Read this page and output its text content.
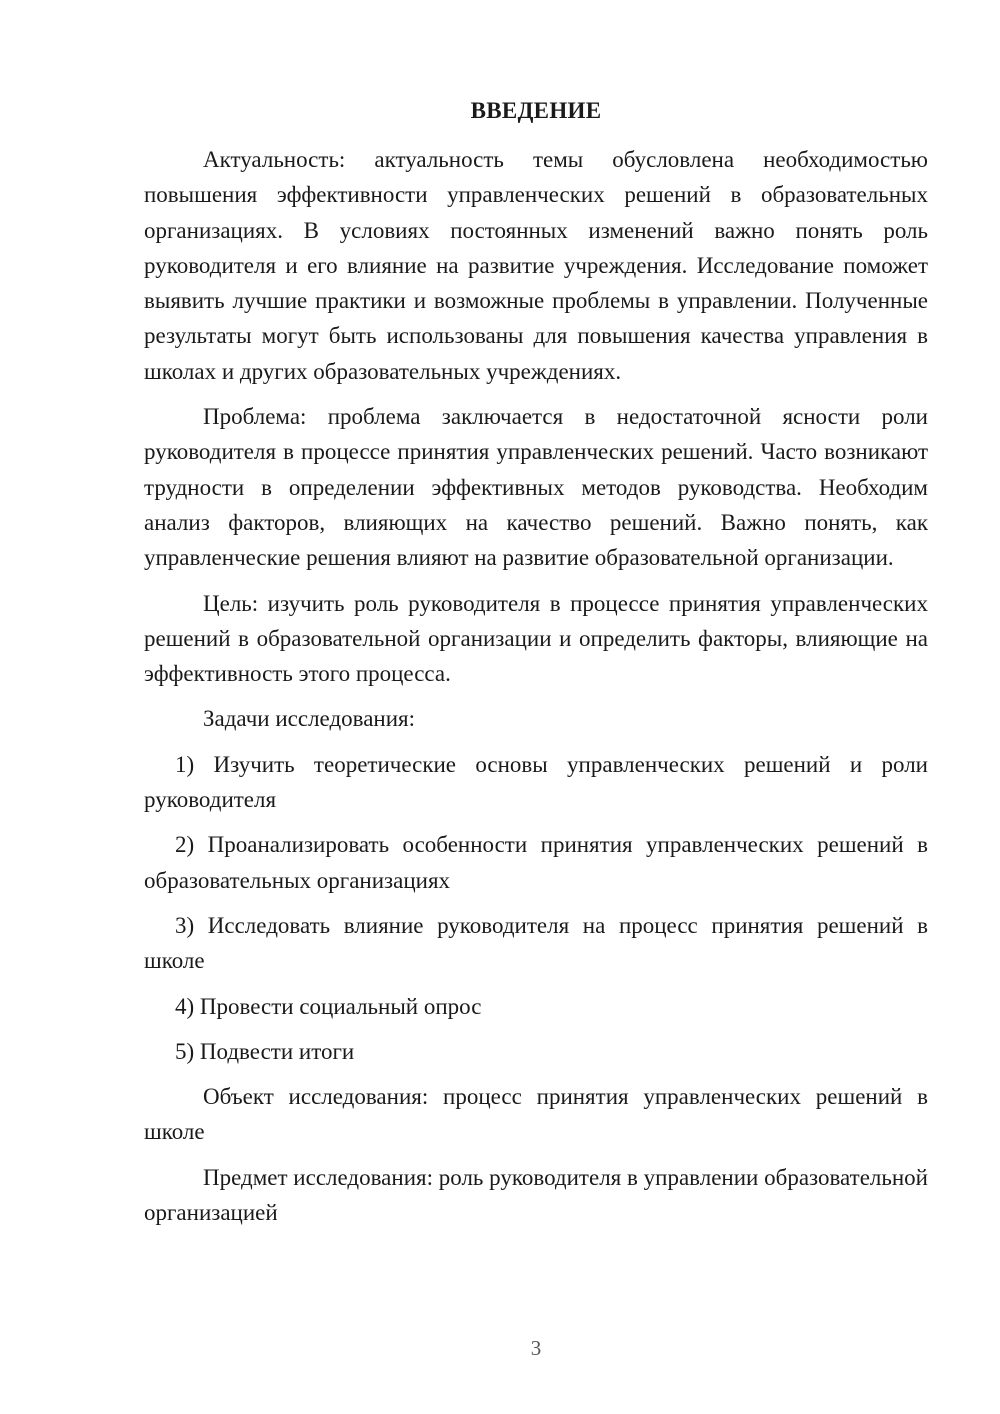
ВВЕДЕНИЕ

Актуальность: актуальность темы обусловлена необходимостью повышения эффективности управленческих решений в образовательных организациях. В условиях постоянных изменений важно понять роль руководителя и его влияние на развитие учреждения. Исследование поможет выявить лучшие практики и возможные проблемы в управлении. Полученные результаты могут быть использованы для повышения качества управления в школах и других образовательных учреждениях.

Проблема: проблема заключается в недостаточной ясности роли руководителя в процессе принятия управленческих решений. Часто возникают трудности в определении эффективных методов руководства. Необходим анализ факторов, влияющих на качество решений. Важно понять, как управленческие решения влияют на развитие образовательной организации.

Цель: изучить роль руководителя в процессе принятия управленческих решений в образовательной организации и определить факторы, влияющие на эффективность этого процесса.

Задачи исследования:

1) Изучить теоретические основы управленческих решений и роли руководителя

2) Проанализировать особенности принятия управленческих решений в образовательных организациях

3) Исследовать влияние руководителя на процесс принятия решений в школе

4) Провести социальный опрос

5) Подвести итоги

Объект исследования: процесс принятия управленческих решений в школе

Предмет исследования: роль руководителя в управлении образовательной организацией

3
